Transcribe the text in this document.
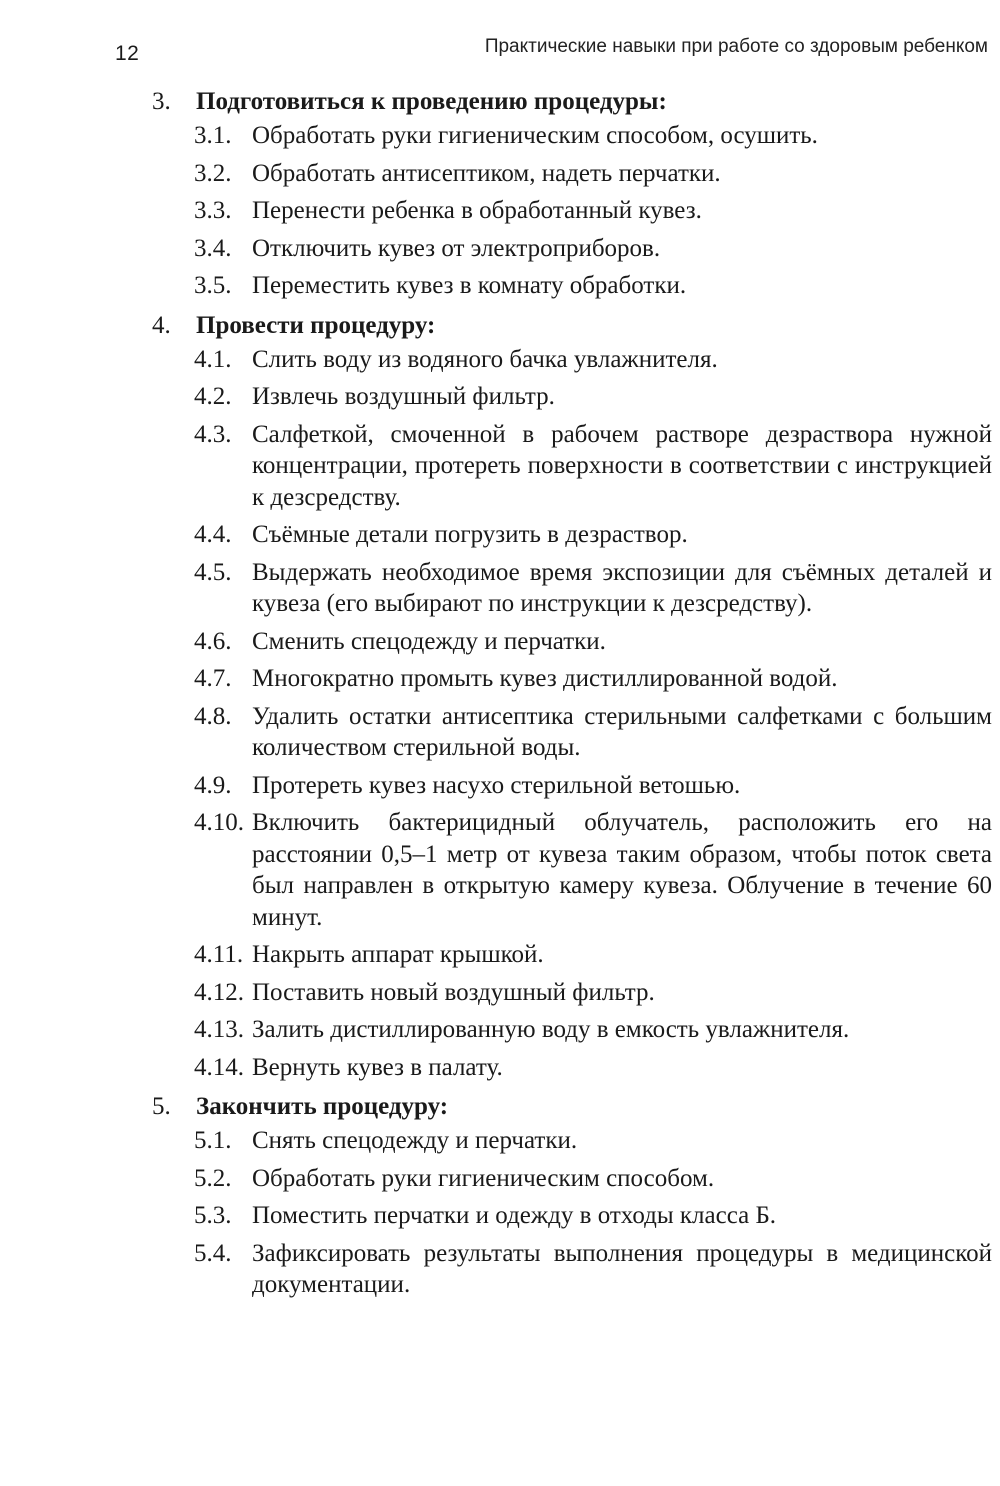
12	Практические навыки при работе со здоровым ребенком
3.	Подготовиться к проведению процедуры:
3.1. Обработать руки гигиеническим способом, осушить.
3.2. Обработать антисептиком, надеть перчатки.
3.3. Перенести ребенка в обработанный кувез.
3.4. Отключить кувез от электроприборов.
3.5. Переместить кувез в комнату обработки.
4.	Провести процедуру:
4.1. Слить воду из водяного бачка увлажнителя.
4.2. Извлечь воздушный фильтр.
4.3. Салфеткой, смоченной в рабочем растворе дезраствора нужной концентрации, протереть поверхности в соответствии с инструкцией к дезсредству.
4.4. Съёмные детали погрузить в дезраствор.
4.5. Выдержать необходимое время экспозиции для съёмных деталей и кувеза (его выбирают по инструкции к дезсредству).
4.6. Сменить спецодежду и перчатки.
4.7. Многократно промыть кувез дистиллированной водой.
4.8. Удалить остатки антисептика стерильными салфетками с большим количеством стерильной воды.
4.9. Протереть кувез насухо стерильной ветошью.
4.10. Включить бактерицидный облучатель, расположить его на расстоянии 0,5–1 метр от кувеза таким образом, чтобы поток света был направлен в открытую камеру кувеза. Облучение в течение 60 минут.
4.11. Накрыть аппарат крышкой.
4.12. Поставить новый воздушный фильтр.
4.13. Залить дистиллированную воду в емкость увлажнителя.
4.14. Вернуть кувез в палату.
5.	Закончить процедуру:
5.1. Снять спецодежду и перчатки.
5.2. Обработать руки гигиеническим способом.
5.3. Поместить перчатки и одежду в отходы класса Б.
5.4. Зафиксировать результаты выполнения процедуры в медицинской документации.
